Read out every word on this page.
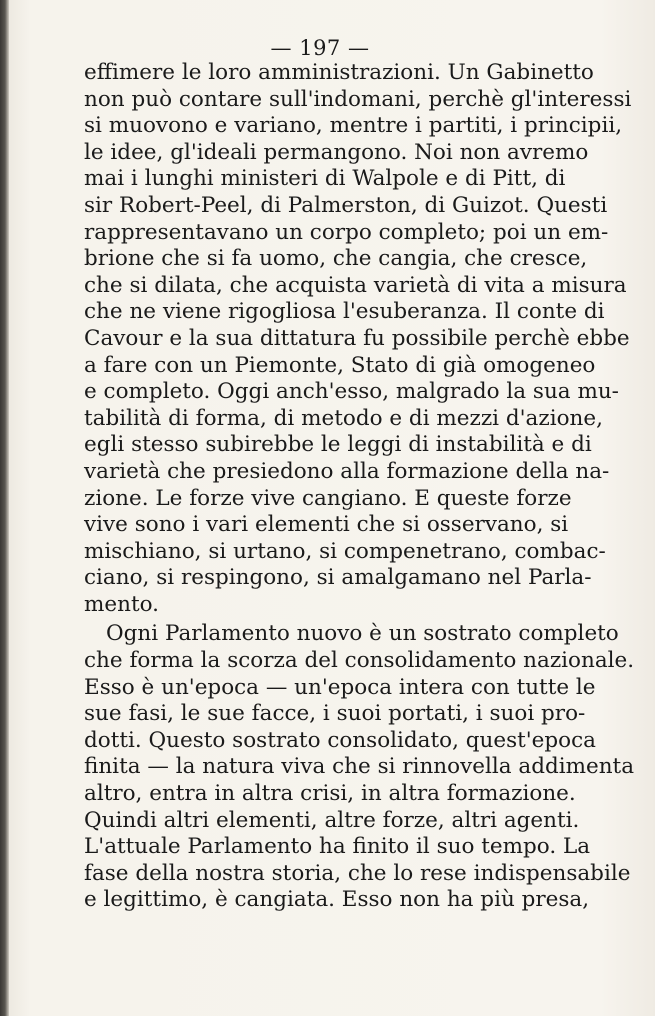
— 197 —
effimere le loro amministrazioni. Un Gabinetto
non può contare sull'indomani, perchè gl'interessi
si muovono e variano, mentre i partiti, i principii,
le idee, gl'ideali permangono. Noi non avremo
mai i lunghi ministeri di Walpole e di Pitt, di
sir Robert-Peel, di Palmerston, di Guizot. Questi
rappresentavano un corpo completo; poi un em-
brione che si fa uomo, che cangia, che cresce,
che si dilata, che acquista varietà di vita a misura
che ne viene rigogliosa l'esuberanza. Il conte di
Cavour e la sua dittatura fu possibile perchè ebbe
a fare con un Piemonte, Stato di già omogeneo
e completo. Oggi anch'esso, malgrado la sua mu-
tabilità di forma, di metodo e di mezzi d'azione,
egli stesso subirebbe le leggi di instabilità e di
varietà che presiedono alla formazione della na-
zione. Le forze vive cangiano. E queste forze
vive sono i vari elementi che si osservano, si
mischiano, si urtano, si compenetrano, combac-
ciano, si respingono, si amalgamano nel Parla-
mento.
Ogni Parlamento nuovo è un sostrato completo
che forma la scorza del consolidamento nazionale.
Esso è un'epoca — un'epoca intera con tutte le
sue fasi, le sue facce, i suoi portati, i suoi pro-
dotti. Questo sostrato consolidato, quest'epoca
finita — la natura viva che si rinnovella addimenta
altro, entra in altra crisi, in altra formazione.
Quindi altri elementi, altre forze, altri agenti.
L'attuale Parlamento ha finito il suo tempo. La
fase della nostra storia, che lo rese indispensabile
e legittimo, è cangiata. Esso non ha più presa,
